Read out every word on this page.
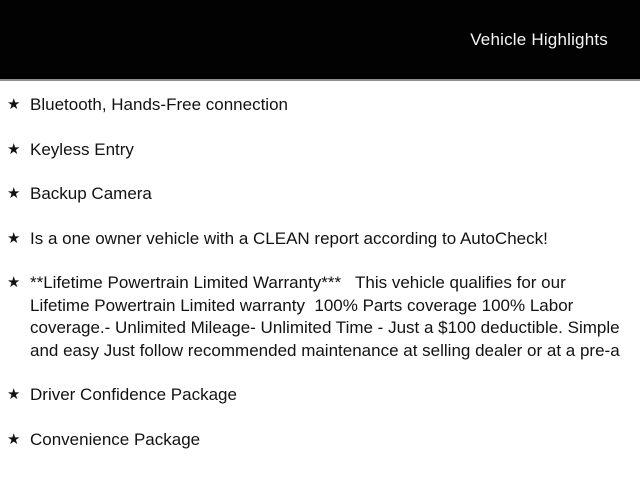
Vehicle Highlights
★ Bluetooth, Hands-Free connection
★ Keyless Entry
★ Backup Camera
★ Is a one owner vehicle with a CLEAN report according to AutoCheck!
★ **Lifetime Powertrain Limited Warranty***   This vehicle qualifies for our Lifetime Powertrain Limited warranty  100% Parts coverage 100% Labor coverage.- Unlimited Mileage- Unlimited Time - Just a $100 deductible. Simple and easy Just follow recommended maintenance at selling dealer or at a pre-a
★ Driver Confidence Package
★ Convenience Package
